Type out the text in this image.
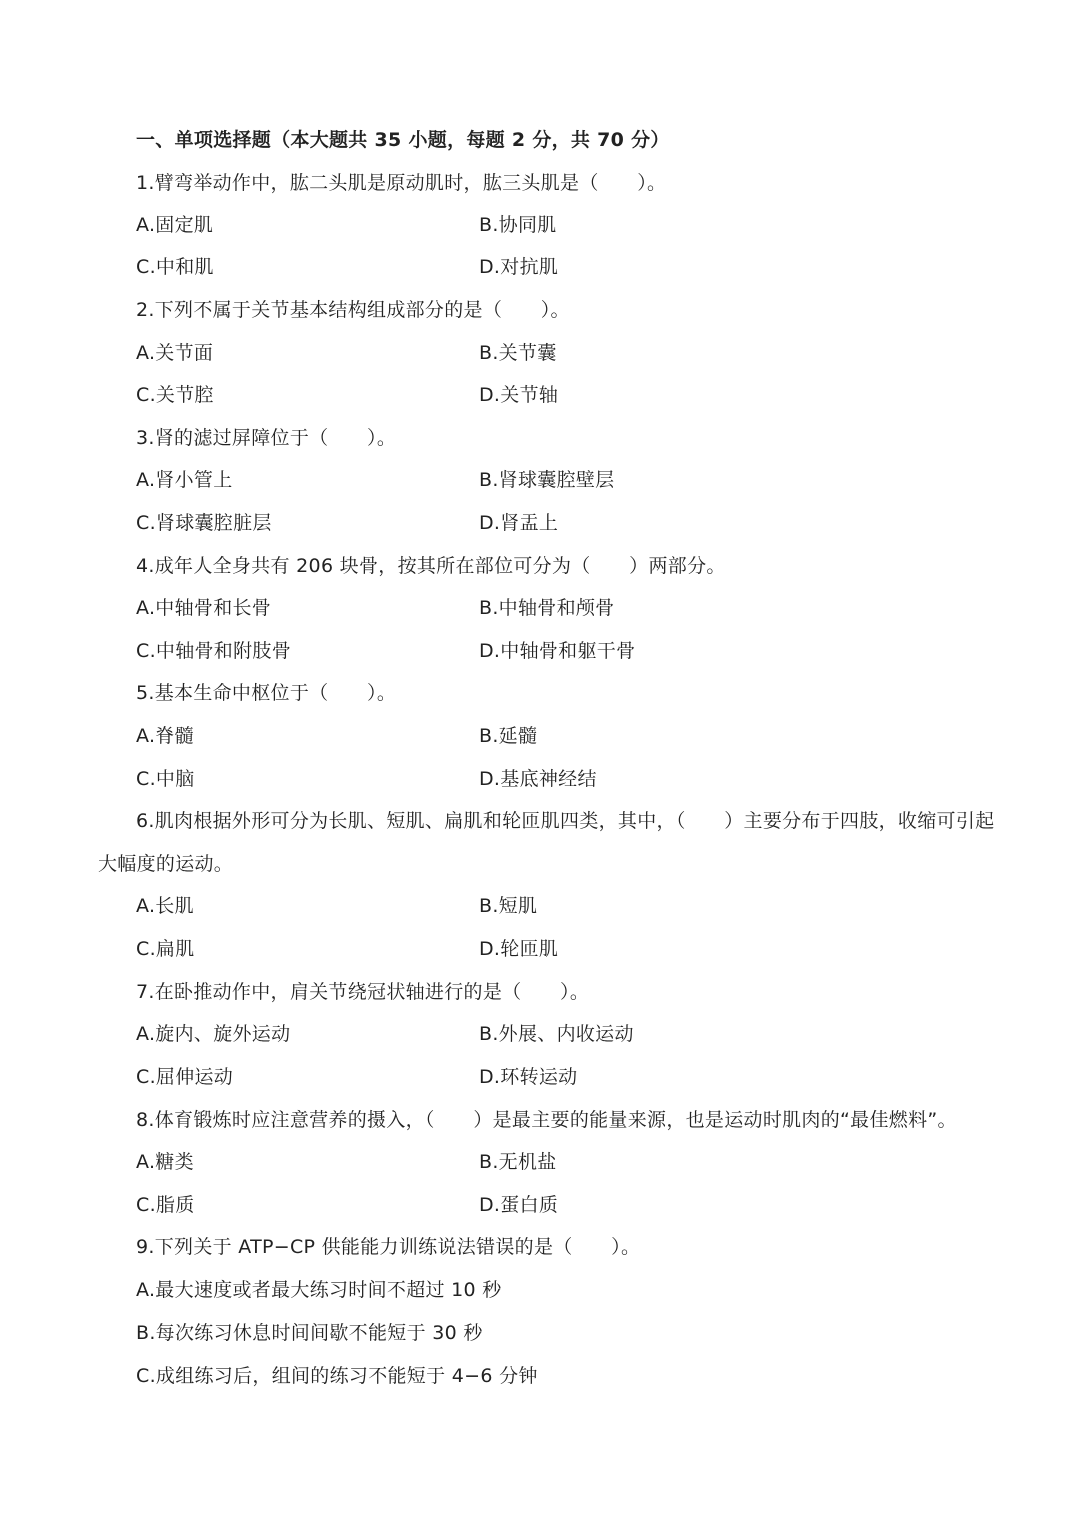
一、单项选择题（本大题共 35 小题，每题 2 分，共 70 分）
1.臂弯举动作中，肱二头肌是原动肌时，肱三头肌是（　　）。
A.固定肌	B.协同肌
C.中和肌	D.对抗肌
2.下列不属于关节基本结构组成部分的是（　　）。
A.关节面	B.关节囊
C.关节腔	D.关节轴
3.肾的滤过屏障位于（　　）。
A.肾小管上	B.肾球囊腔壁层
C.肾球囊腔脏层	D.肾盂上
4.成年人全身共有 206 块骨，按其所在部位可分为（　　）两部分。
A.中轴骨和长骨	B.中轴骨和颅骨
C.中轴骨和附肢骨	D.中轴骨和躯干骨
5.基本生命中枢位于（　　）。
A.脊髓	B.延髓
C.中脑	D.基底神经结
6.肌肉根据外形可分为长肌、短肌、扁肌和轮匝肌四类，其中，（　　）主要分布于四肢，收缩可引起
大幅度的运动。
A.长肌	B.短肌
C.扁肌	D.轮匝肌
7.在卧推动作中，肩关节绕冠状轴进行的是（　　）。
A.旋内、旋外运动	B.外展、内收运动
C.屈伸运动	D.环转运动
8.体育锻炼时应注意营养的摄入，（　　）是最主要的能量来源，也是运动时肌肉的“最佳燃料”。
A.糖类	B.无机盐
C.脂质	D.蛋白质
9.下列关于 ATP−CP 供能能力训练说法错误的是（　　）。
A.最大速度或者最大练习时间不超过 10 秒
B.每次练习休息时间间歇不能短于 30 秒
C.成组练习后，组间的练习不能短于 4−6 分钟
